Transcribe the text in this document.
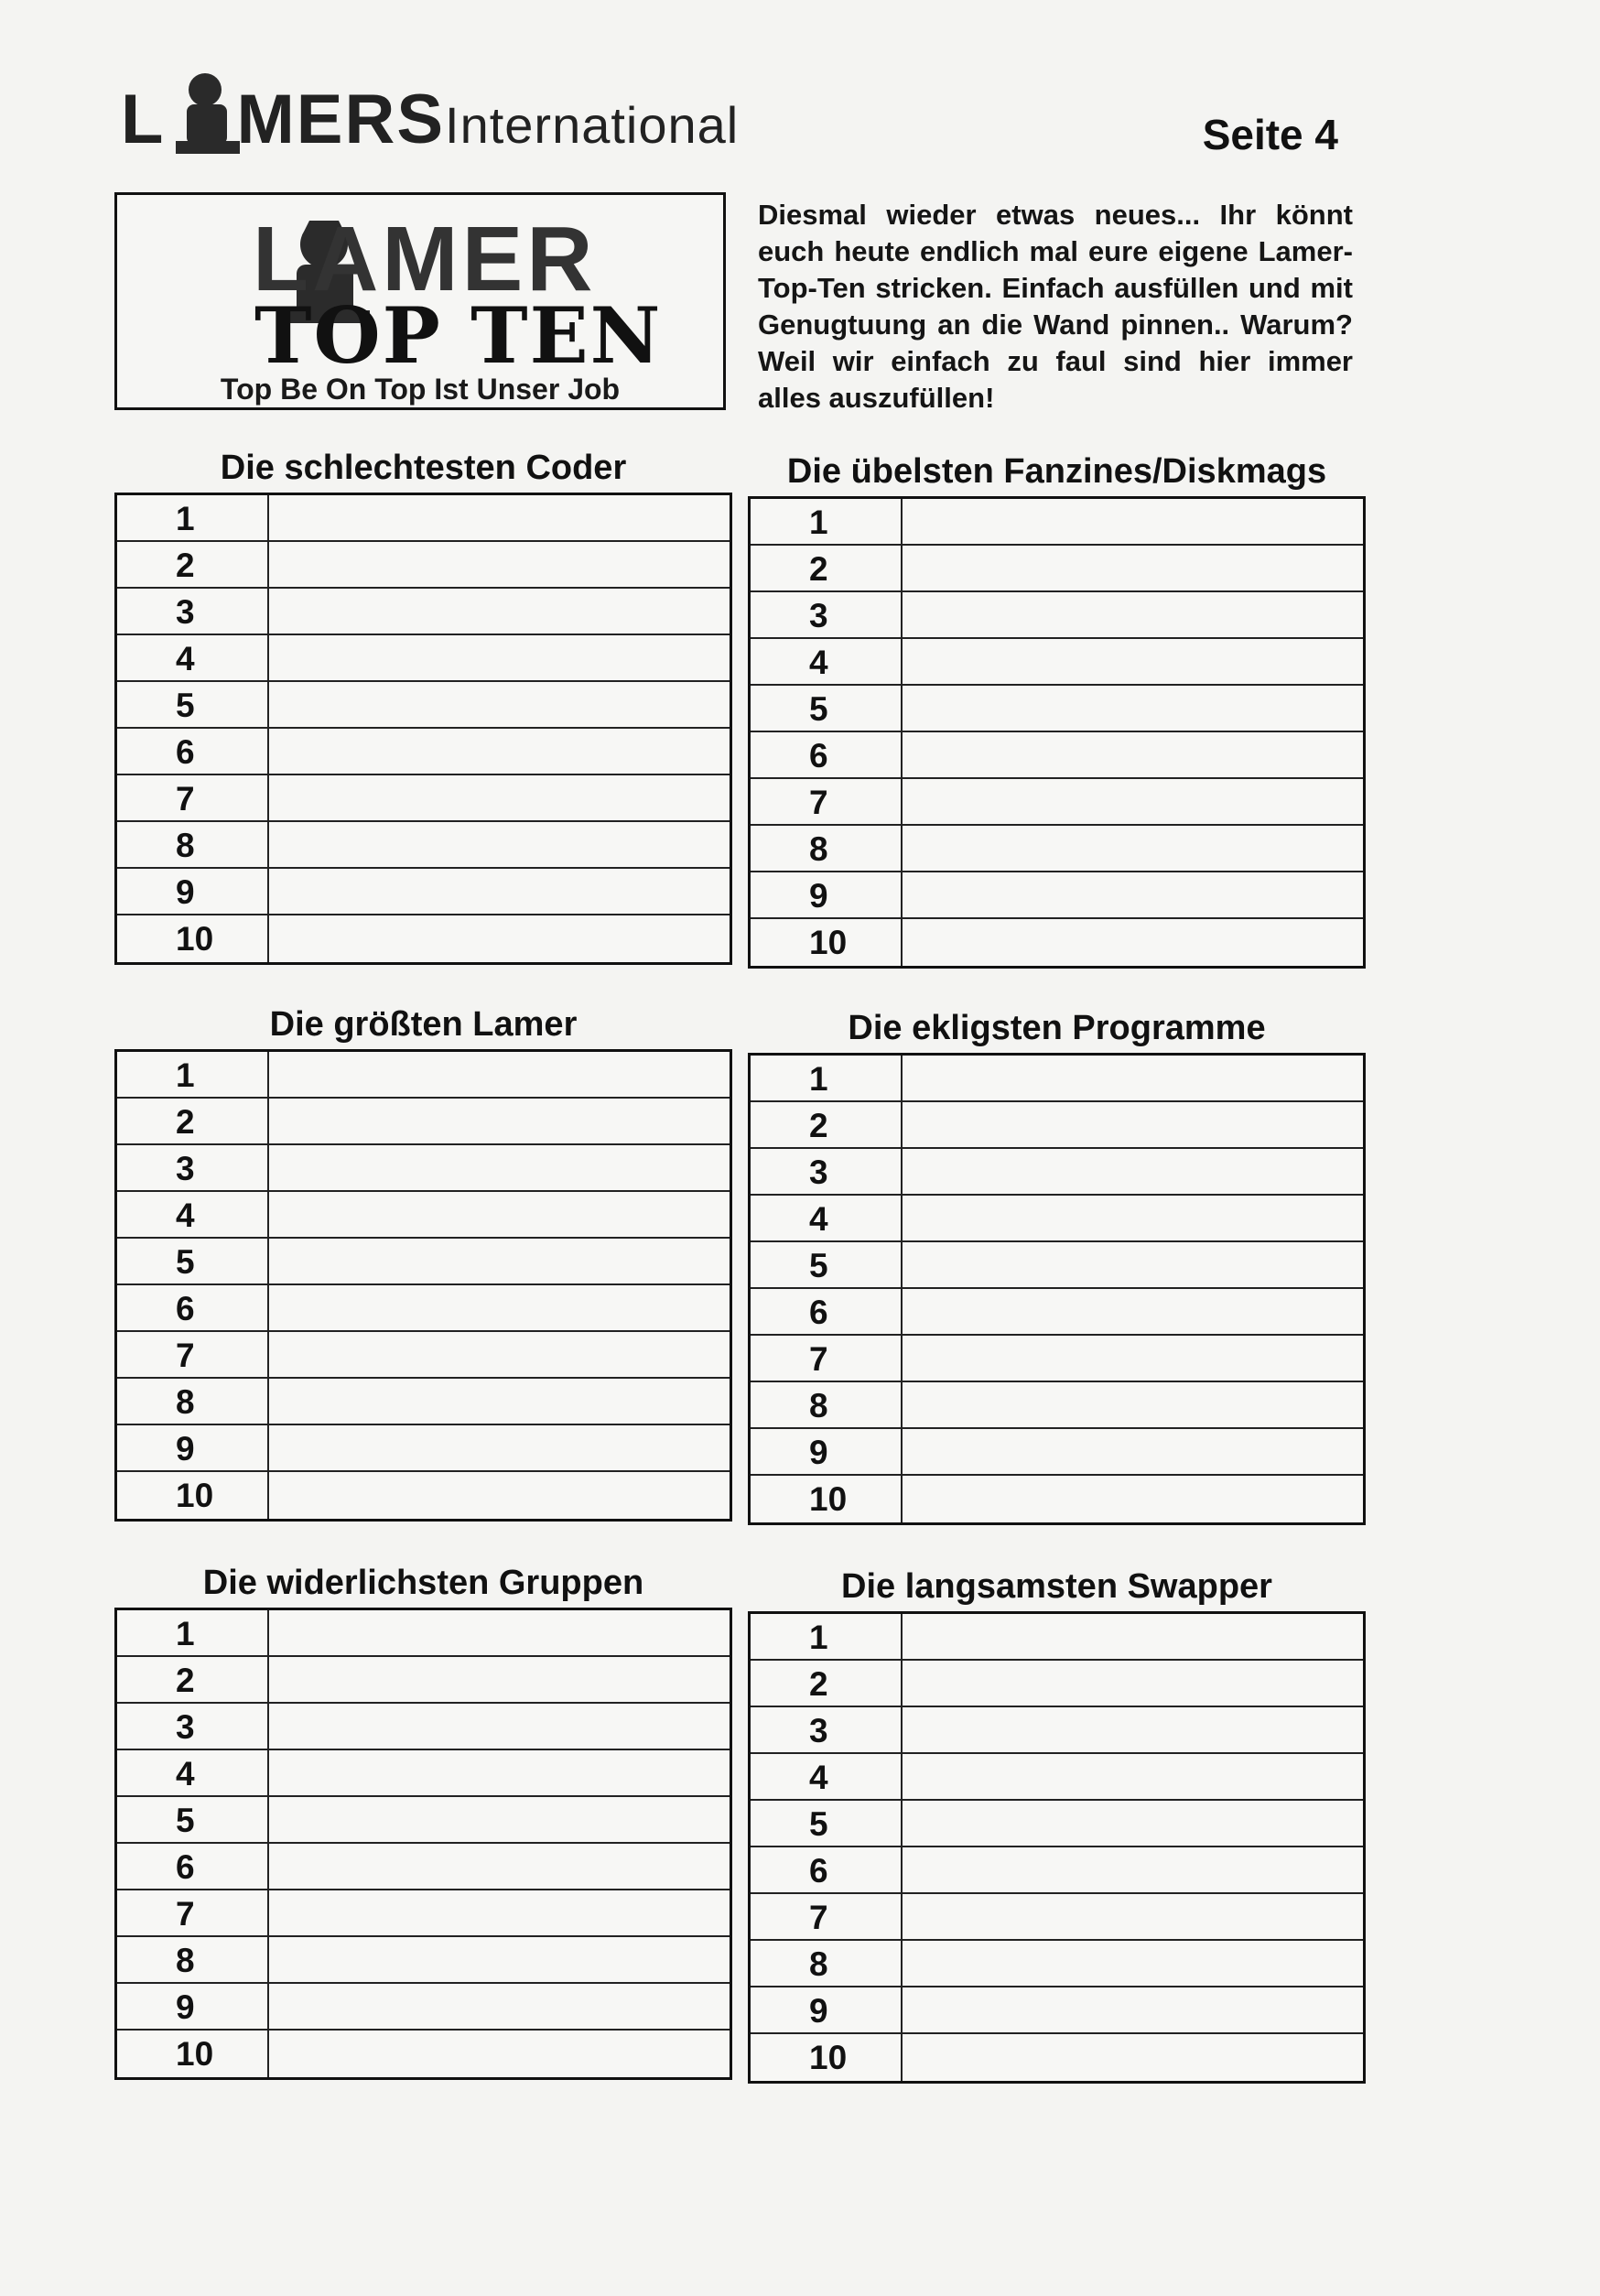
L MERSInternational	Seite 4
LAMER
TOP TEN
Top Be On Top Ist Unser Job
Diesmal wieder etwas neues... Ihr könnt euch heute endlich mal eure eigene Lamer-Top-Ten stricken. Einfach ausfüllen und mit Genugtuung an die Wand pinnen.. Warum? Weil wir einfach zu faul sind hier immer alles auszufüllen!
Die schlechtesten Coder
1
2
3
4
5
6
7
8
9
10
Die übelsten Fanzines/Diskmags
1
2
3
4
5
6
7
8
9
10
Die größten Lamer
1
2
3
4
5
6
7
8
9
10
Die ekligsten Programme
1
2
3
4
5
6
7
8
9
10
Die widerlichsten Gruppen
1
2
3
4
5
6
7
8
9
10
Die langsamsten Swapper
1
2
3
4
5
6
7
8
9
10
